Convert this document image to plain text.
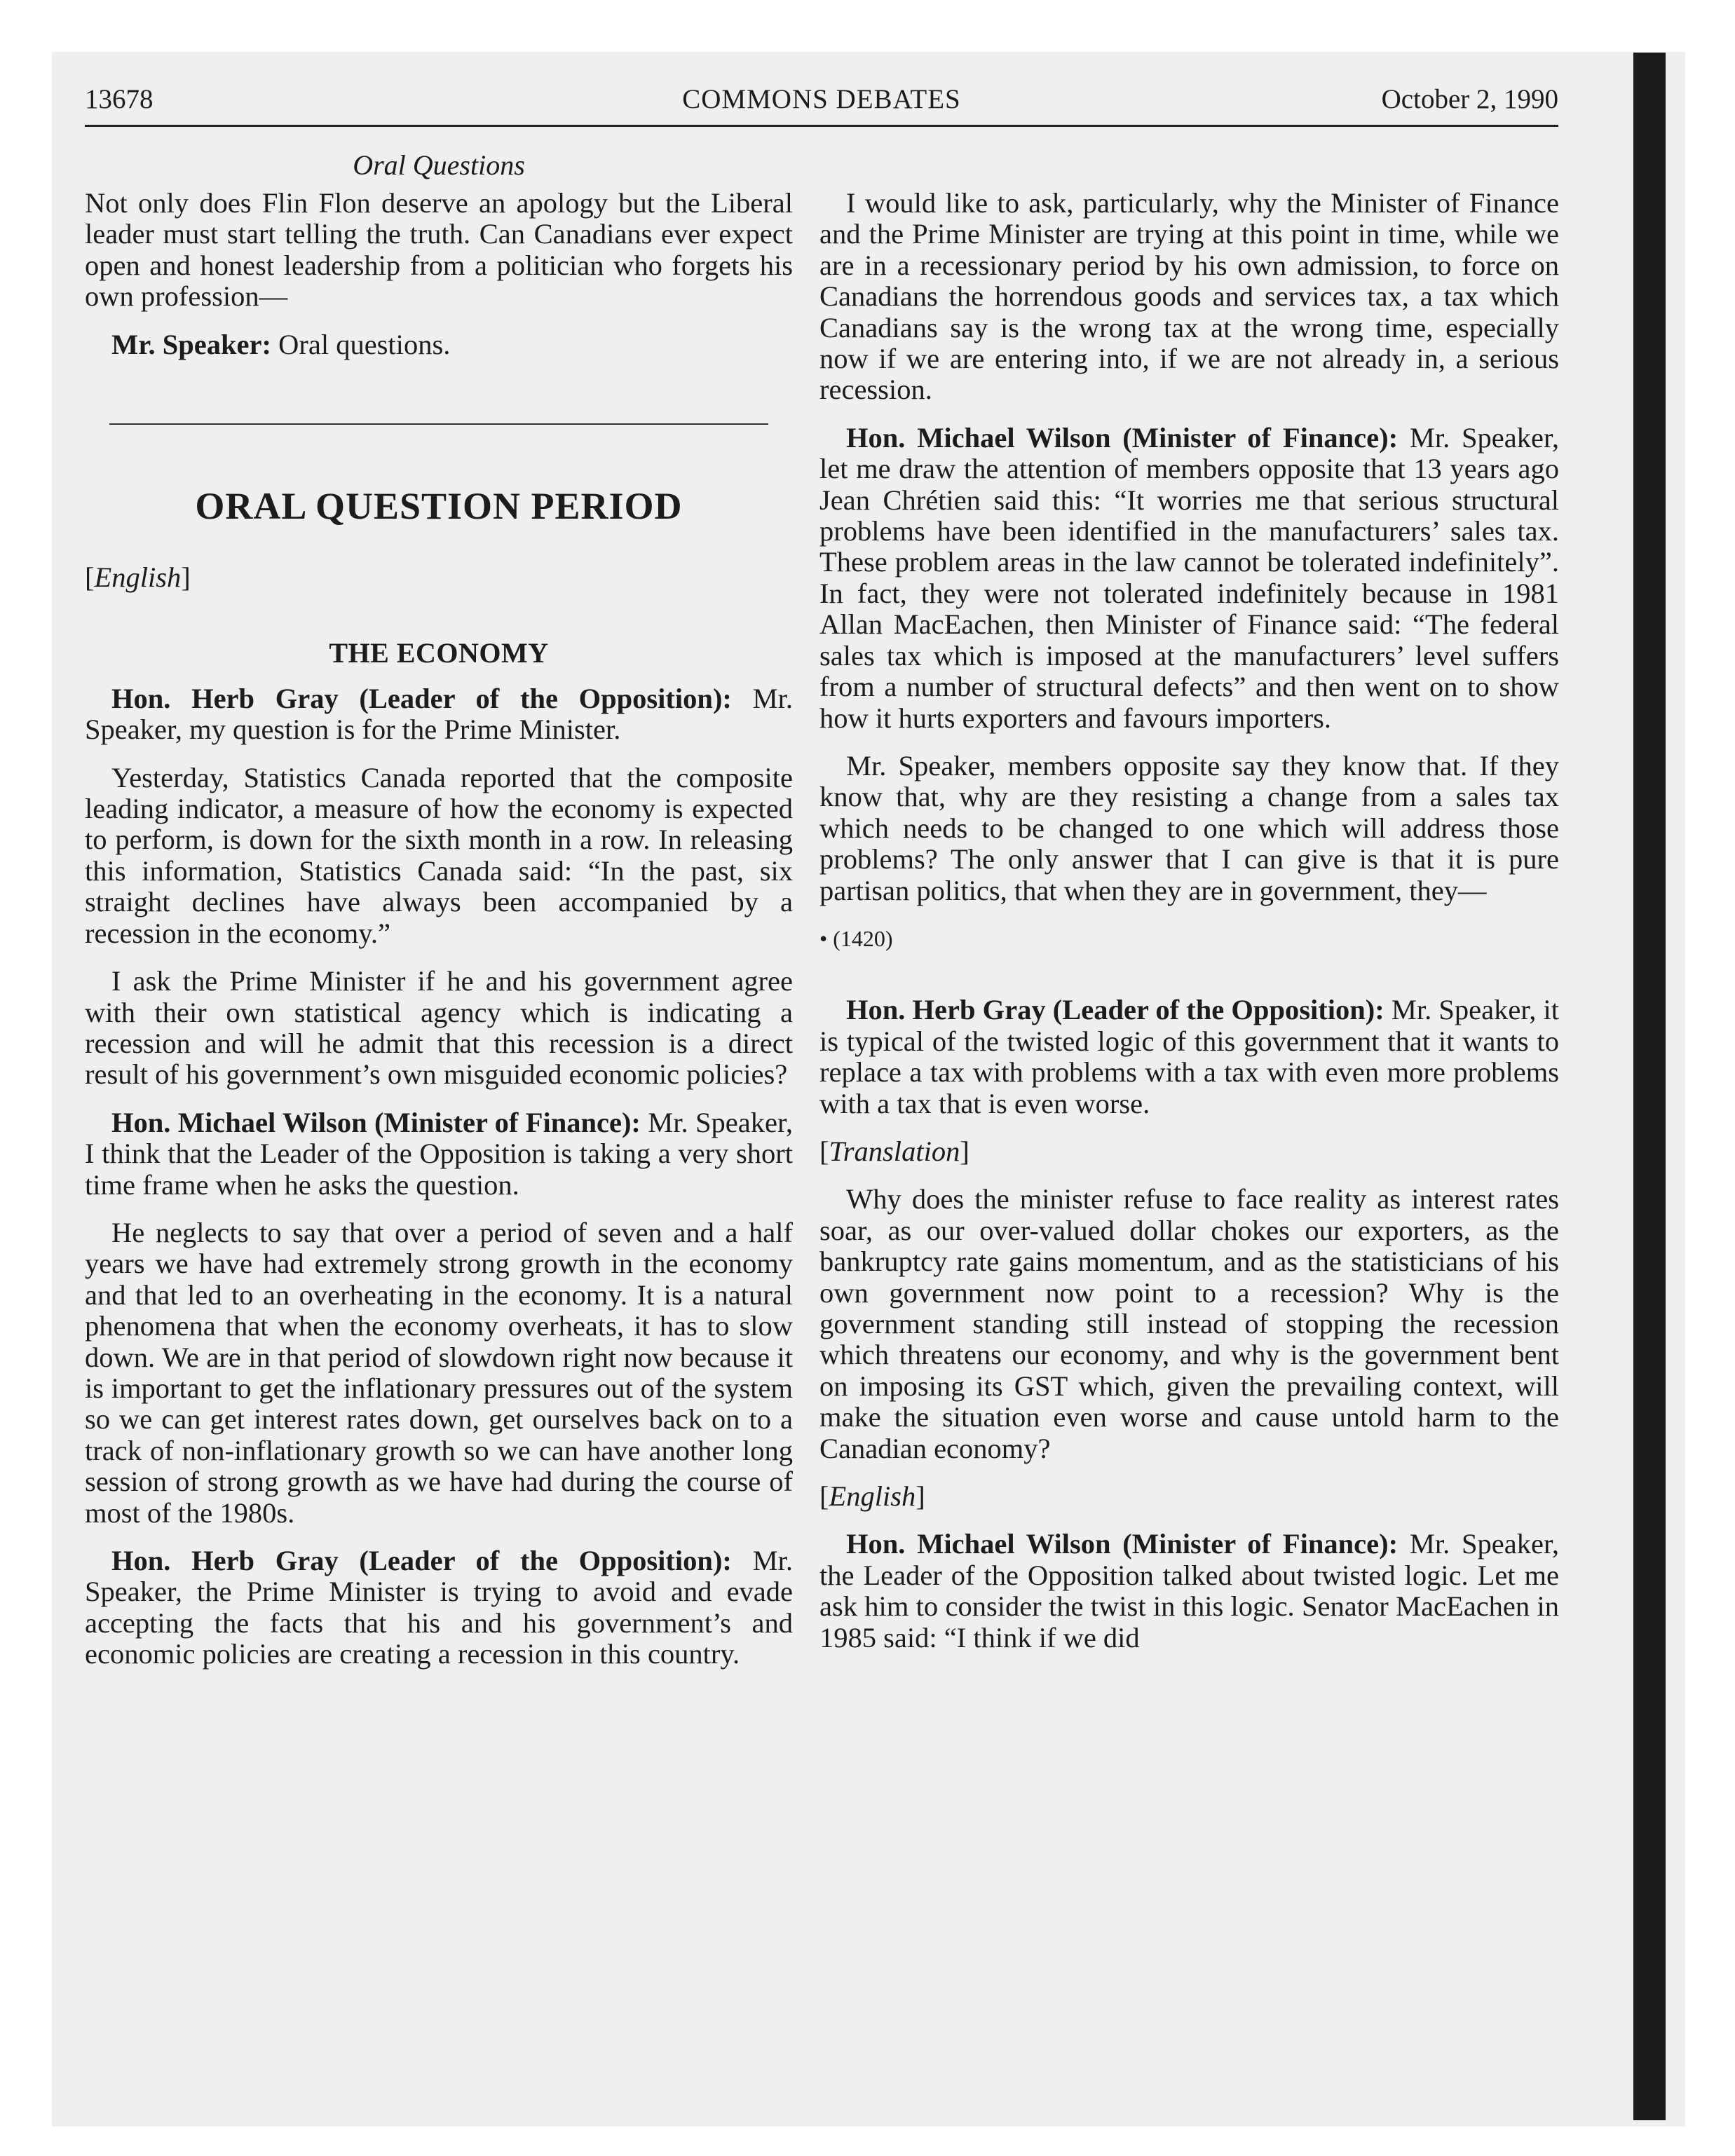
13678	COMMONS DEBATES	October 2, 1990
Oral Questions

Not only does Flin Flon deserve an apology but the Liberal leader must start telling the truth. Can Canadians ever expect open and honest leadership from a politician who forgets his own profession—

Mr. Speaker: Oral questions.

ORAL QUESTION PERIOD
[English]
THE ECONOMY

Hon. Herb Gray (Leader of the Opposition): Mr. Speaker, my question is for the Prime Minister.

Yesterday, Statistics Canada reported that the composite leading indicator, a measure of how the economy is expected to perform, is down for the sixth month in a row. In releasing this information, Statistics Canada said: “In the past, six straight declines have always been accompanied by a recession in the economy.”

I ask the Prime Minister if he and his government agree with their own statistical agency which is indicating a recession and will he admit that this recession is a direct result of his government’s own misguided economic policies?

Hon. Michael Wilson (Minister of Finance): Mr. Speaker, I think that the Leader of the Opposition is taking a very short time frame when he asks the question.

He neglects to say that over a period of seven and a half years we have had extremely strong growth in the economy and that led to an overheating in the economy. It is a natural phenomena that when the economy overheats, it has to slow down. We are in that period of slowdown right now because it is important to get the inflationary pressures out of the system so we can get interest rates down, get ourselves back on to a track of non-inflationary growth so we can have another long session of strong growth as we have had during the course of most of the 1980s.

Hon. Herb Gray (Leader of the Opposition): Mr. Speaker, the Prime Minister is trying to avoid and evade accepting the facts that his and his government’s and economic policies are creating a recession in this country.

I would like to ask, particularly, why the Minister of Finance and the Prime Minister are trying at this point in time, while we are in a recessionary period by his own admission, to force on Canadians the horrendous goods and services tax, a tax which Canadians say is the wrong tax at the wrong time, especially now if we are entering into, if we are not already in, a serious recession.

Hon. Michael Wilson (Minister of Finance): Mr. Speaker, let me draw the attention of members opposite that 13 years ago Jean Chrétien said this: “It worries me that serious structural problems have been identified in the manufacturers’ sales tax. These problem areas in the law cannot be tolerated indefinitely”. In fact, they were not tolerated indefinitely because in 1981 Allan MacEachen, then Minister of Finance said: “The federal sales tax which is imposed at the manufacturers’ level suffers from a number of structural defects” and then went on to show how it hurts exporters and favours importers.

Mr. Speaker, members opposite say they know that. If they know that, why are they resisting a change from a sales tax which needs to be changed to one which will address those problems? The only answer that I can give is that it is pure partisan politics, that when they are in government, they—

• (1420)

Hon. Herb Gray (Leader of the Opposition): Mr. Speaker, it is typical of the twisted logic of this government that it wants to replace a tax with problems with a tax with even more problems with a tax that is even worse.

[Translation]

Why does the minister refuse to face reality as interest rates soar, as our over-valued dollar chokes our exporters, as the bankruptcy rate gains momentum, and as the statisticians of his own government now point to a recession? Why is the government standing still instead of stopping the recession which threatens our economy, and why is the government bent on imposing its GST which, given the prevailing context, will make the situation even worse and cause untold harm to the Canadian economy?

[English]

Hon. Michael Wilson (Minister of Finance): Mr. Speaker, the Leader of the Opposition talked about twisted logic. Let me ask him to consider the twist in this logic. Senator MacEachen in 1985 said: “I think if we did
